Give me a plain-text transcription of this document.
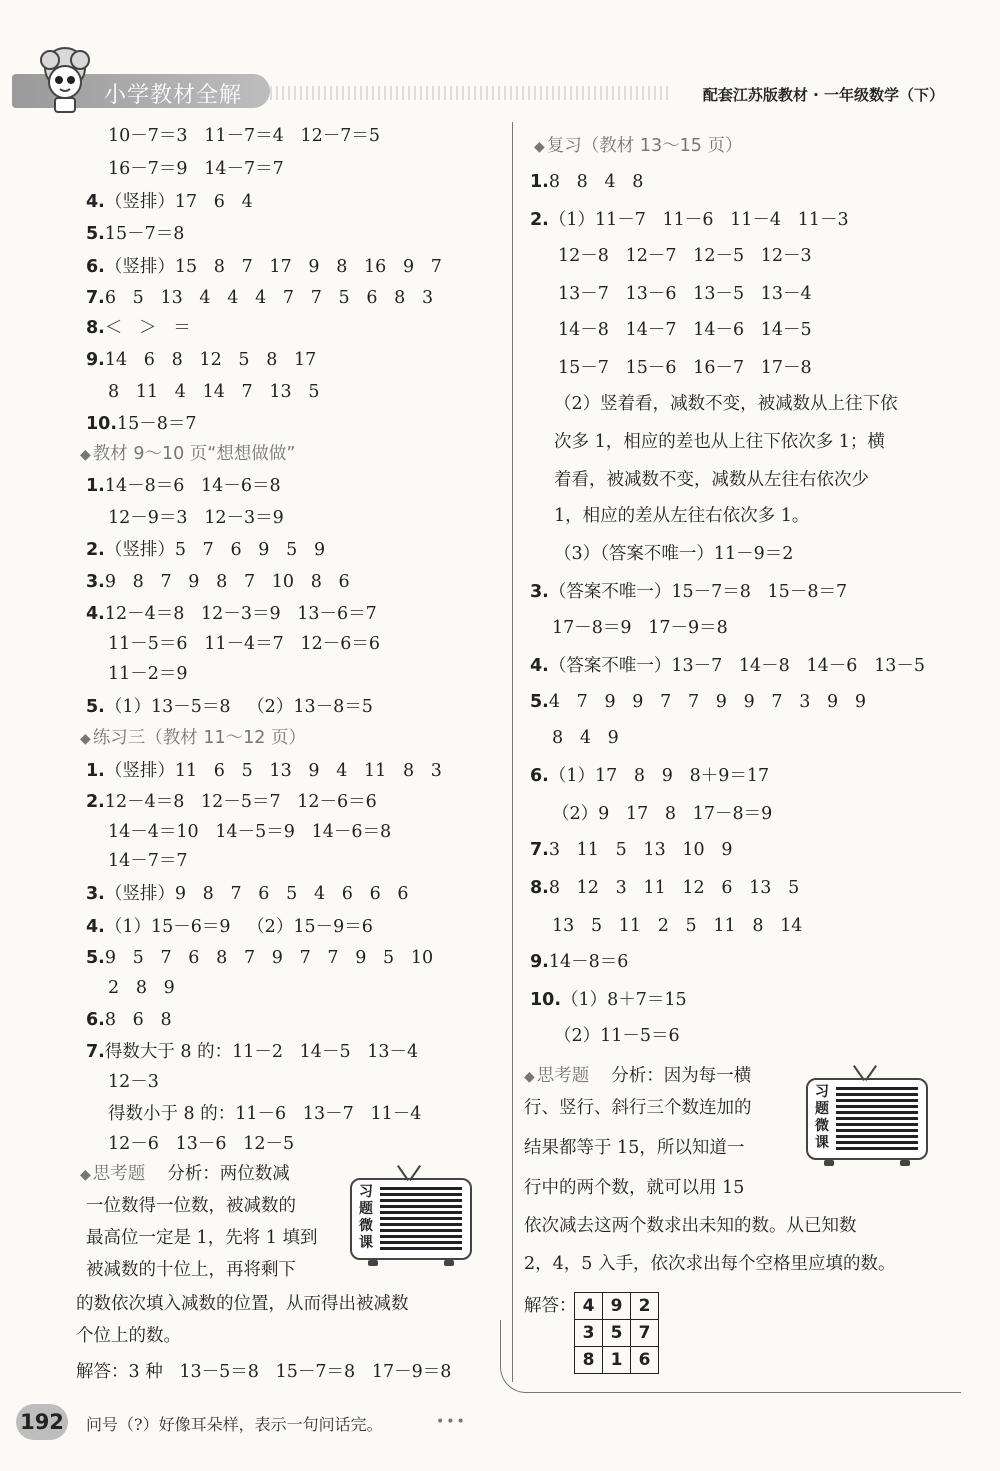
小学教材全解	配套江苏版教材 · 一年级数学（下）
10－7＝3   11－7＝4   12－7＝5
16－7＝9   14－7＝7
4.（竖排）17   6   4
5.15－7＝8
6.（竖排）15   8   7   17   9   8   16   9   7
7.6   5   13   4   4   4   7   7   5   6   8   3
8.＜   ＞   ＝
9.14   6   8   12   5   8   17
8   11   4   14   7   13   5
10.15－8＝7
◆ 教材 9～10 页“想想做做”
1.14－8＝6   14－6＝8
12－9＝3   12－3＝9
2.（竖排）5   7   6   9   5   9
3.9   8   7   9   8   7   10   8   6
4.12－4＝8   12－3＝9   13－6＝7
11－5＝6   11－4＝7   12－6＝6
11－2＝9
5.（1）13－5＝8   （2）13－8＝5
◆ 练习三（教材 11～12 页）
1.（竖排）11   6   5   13   9   4   11   8   3
2.12－4＝8   12－5＝7   12－6＝6
14－4＝10   14－5＝9   14－6＝8
14－7＝7
3.（竖排）9   8   7   6   5   4   6   6   6
4.（1）15－6＝9   （2）15－9＝6
5.9   5   7   6   8   7   9   7   7   9   5   10
2   8   9
6.8   6   8
7.得数大于 8 的：11－2   14－5   13－4
12－3
得数小于 8 的：11－6   13－7   11－4
12－6   13－6   12－5
◆ 思考题 分析：两位数减
一位数得一位数，被减数的
最高位一定是 1，先将 1 填到
被减数的十位上，再将剩下
的数依次填入减数的位置，从而得出被减数
个位上的数。
解答：3 种   13－5＝8   15－7＝8   17－9＝8
习题微课
◆ 复习（教材 13～15 页）
1.8   8   4   8
2.（1）11－7   11－6   11－4   11－3
12－8   12－7   12－5   12－3
13－7   13－6   13－5   13－4
14－8   14－7   14－6   14－5
15－7   15－6   16－7   17－8
（2）竖着看，减数不变，被减数从上往下依
次多 1，相应的差也从上往下依次多 1；横
着看，被减数不变，减数从左往右依次少
1，相应的差从左往右依次多 1。
（3）（答案不唯一）11－9＝2
3.（答案不唯一）15－7＝8   15－8＝7
17－8＝9   17－9＝8
4.（答案不唯一）13－7   14－8   14－6   13－5
5.4   7   9   9   7   7   9   9   7   3   9   9
8   4   9
6.（1）17   8   9   8＋9＝17
（2）9   17   8   17－8＝9
7.3   11   5   13   10   9
8.8   12   3   11   12   6   13   5
13   5   11   2   5   11   8   14
9.14－8＝6
10.（1）8＋7＝15
（2）11－5＝6
◆ 思考题 分析：因为每一横
行、竖行、斜行三个数连加的
结果都等于 15，所以知道一
行中的两个数，就可以用 15
依次减去这两个数求出未知的数。从已知数
2，4，5 入手，依次求出每个空格里应填的数。
解答：
习题微课
4	9	2
3	5	7
8	1	6
192 问号（?）好像耳朵样，表示一句问话完。	•••
